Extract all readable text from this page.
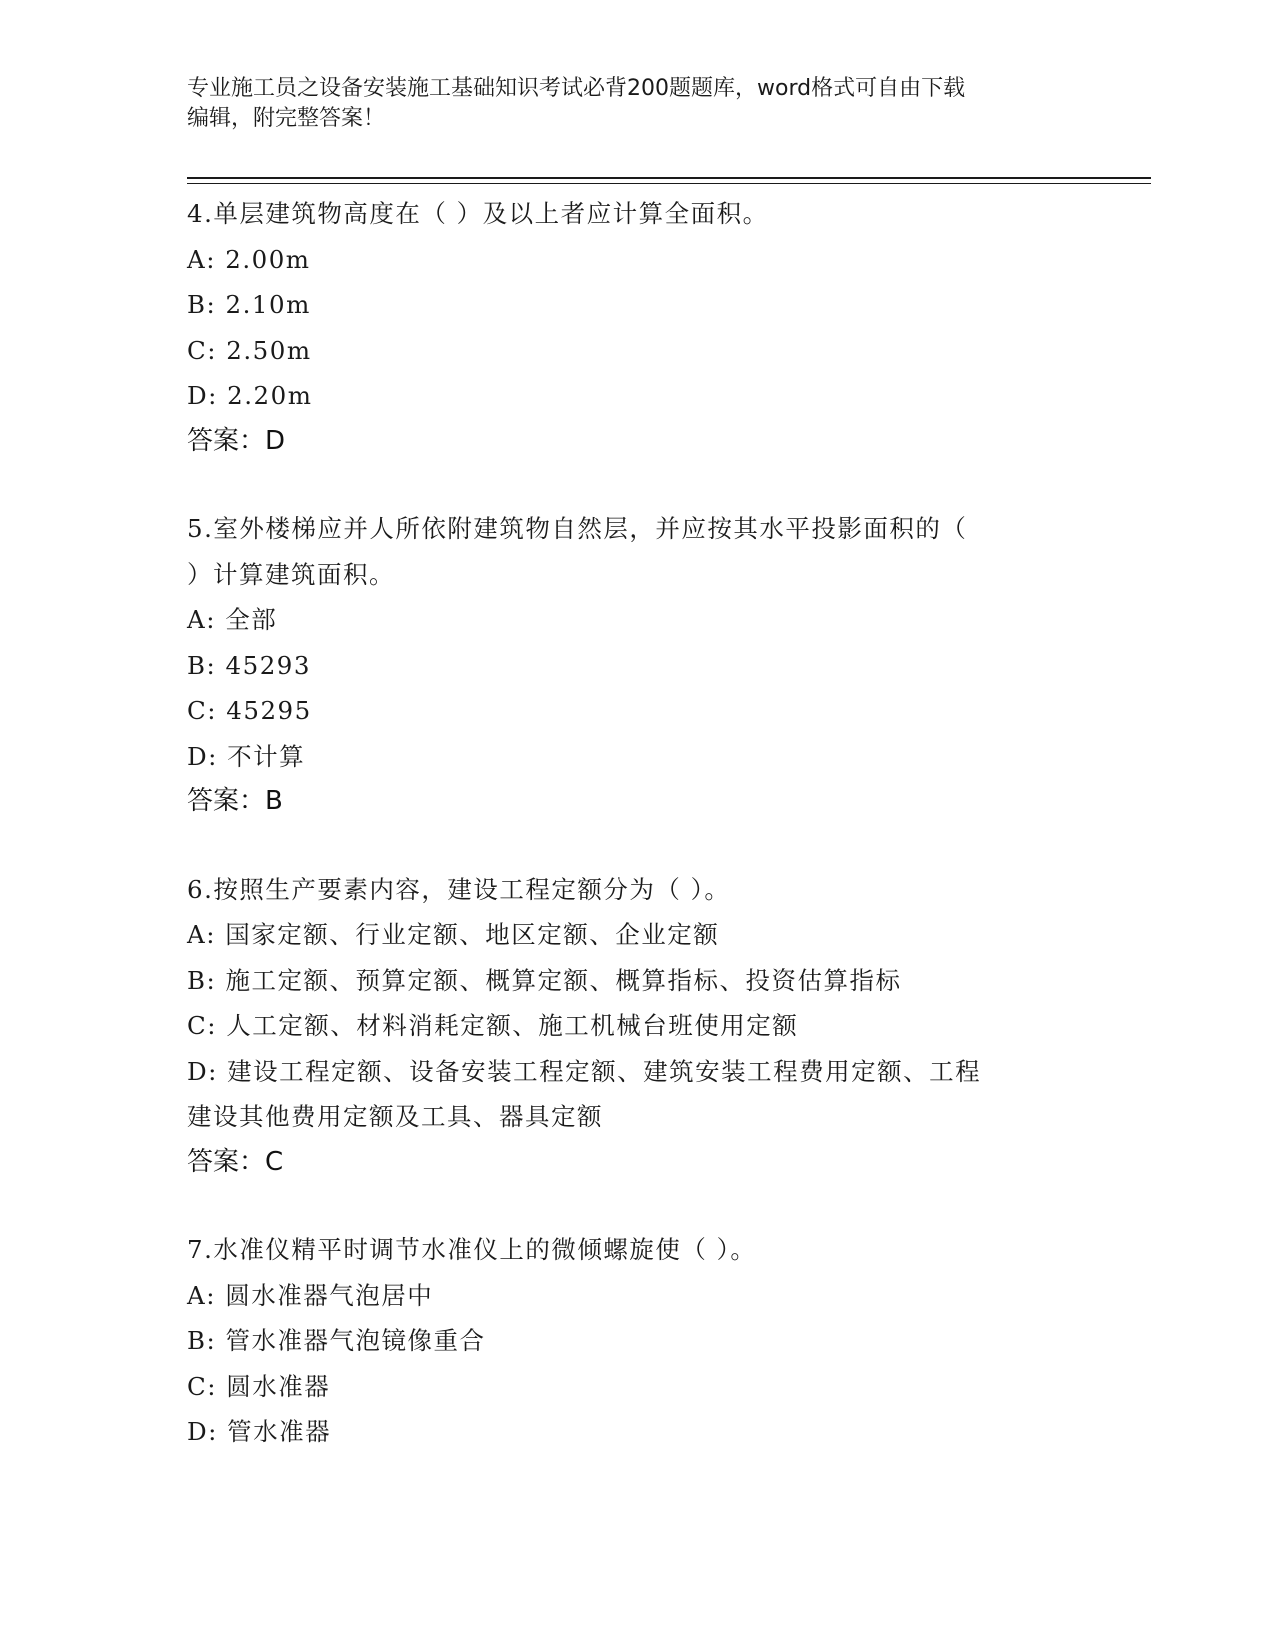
专业施工员之设备安装施工基础知识考试必背200题题库，word格式可自由下载
编辑，附完整答案！
4.单层建筑物高度在（ ）及以上者应计算全面积。
A: 2.00m
B: 2.10m
C: 2.50m
D: 2.20m
答案：D
5.室外楼梯应并人所依附建筑物自然层，并应按其水平投影面积的（
）计算建筑面积。
A: 全部
B: 45293
C: 45295
D: 不计算
答案：B
6.按照生产要素内容，建设工程定额分为（ ）。
A: 国家定额、行业定额、地区定额、企业定额
B: 施工定额、预算定额、概算定额、概算指标、投资估算指标
C: 人工定额、材料消耗定额、施工机械台班使用定额
D: 建设工程定额、设备安装工程定额、建筑安装工程费用定额、工程
建设其他费用定额及工具、器具定额
答案：C
7.水准仪精平时调节水准仪上的微倾螺旋使（ ）。
A: 圆水准器气泡居中
B: 管水准器气泡镜像重合
C: 圆水准器
D: 管水准器
